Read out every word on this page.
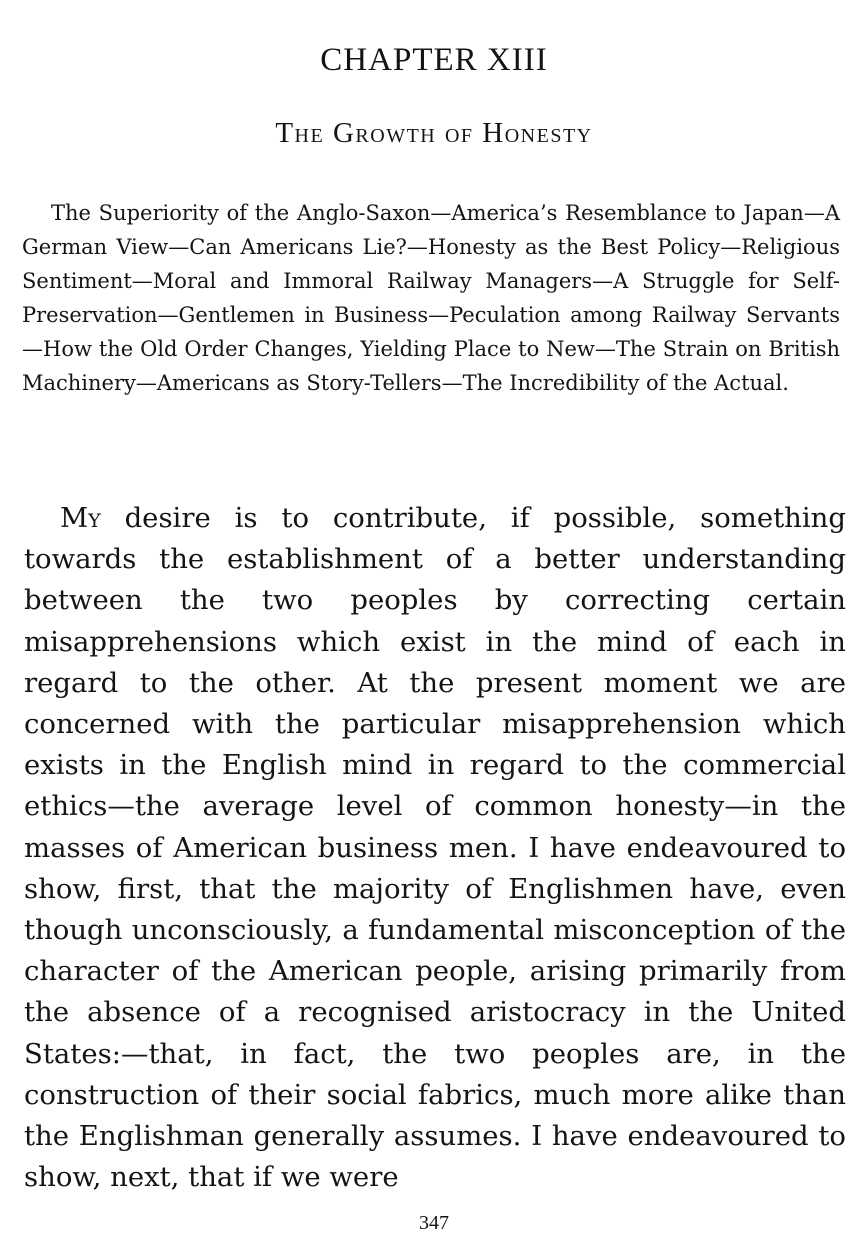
CHAPTER XIII
The Growth of Honesty
The Superiority of the Anglo-Saxon—America’s Resemblance to Japan—A German View—Can Americans Lie?—Honesty as the Best Policy—Religious Sentiment—Moral and Immoral Railway Managers—A Struggle for Self-Preservation—Gentlemen in Business—Peculation among Railway Servants—How the Old Order Changes, Yielding Place to New—The Strain on British Machinery—Americans as Story-Tellers—The Incredibility of the Actual.
My desire is to contribute, if possible, something towards the establishment of a better understanding between the two peoples by correcting certain misapprehensions which exist in the mind of each in regard to the other. At the present moment we are concerned with the particular misapprehension which exists in the English mind in regard to the commercial ethics—the average level of common honesty—in the masses of American business men. I have endeavoured to show, first, that the majority of Englishmen have, even though unconsciously, a fundamental misconception of the character of the American people, arising primarily from the absence of a recognised aristocracy in the United States:—that, in fact, the two peoples are, in the construction of their social fabrics, much more alike than the Englishman generally assumes. I have endeavoured to show, next, that if we were
347
